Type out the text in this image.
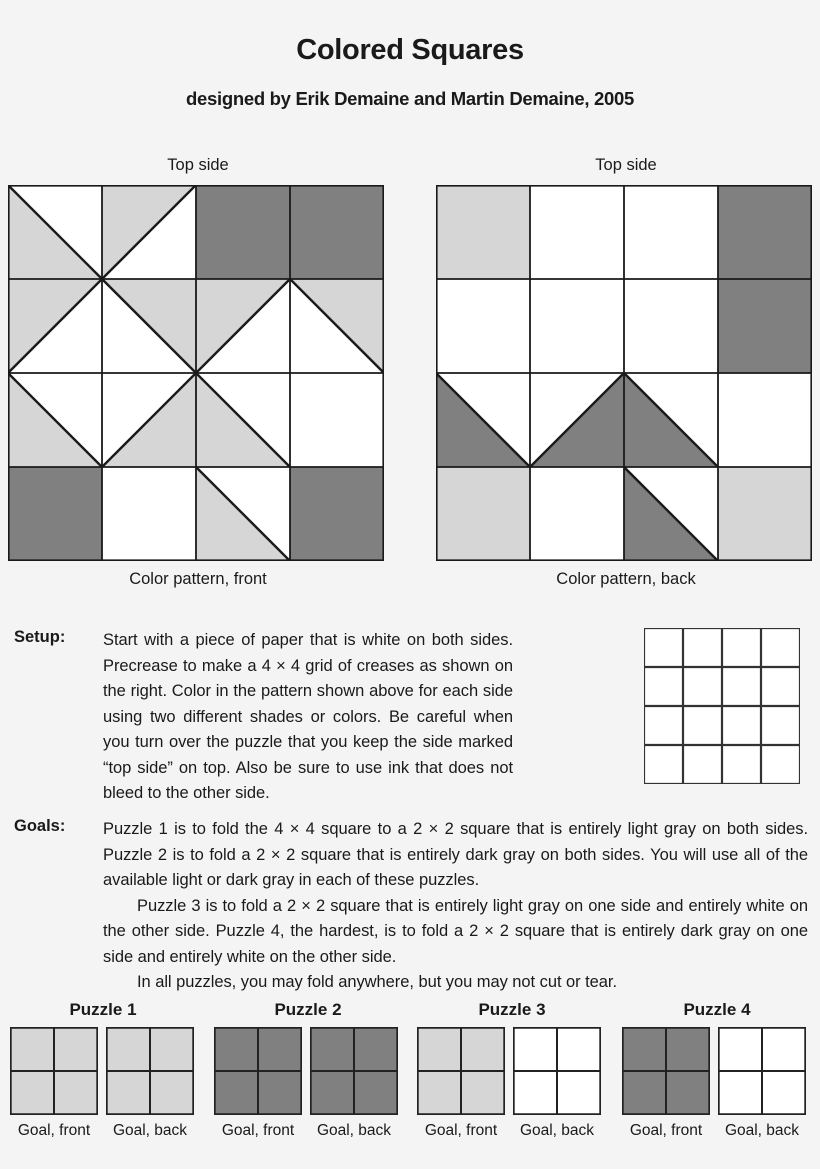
Colored Squares
designed by Erik Demaine and Martin Demaine, 2005
Top side
Color pattern, front
Top side
Color pattern, back
Setup: Start with a piece of paper that is white on both sides. Precrease to make a 4 × 4 grid of creases as shown on the right. Color in the pattern shown above for each side using two different shades or colors. Be careful when you turn over the puzzle that you keep the side marked “top side” on top. Also be sure to use ink that does not bleed to the other side.
Goals: Puzzle 1 is to fold the 4 × 4 square to a 2 × 2 square that is entirely light gray on both sides. Puzzle 2 is to fold a 2 × 2 square that is entirely dark gray on both sides. You will use all of the available light or dark gray in each of these puzzles.

Puzzle 3 is to fold a 2 × 2 square that is entirely light gray on one side and entirely white on the other side. Puzzle 4, the hardest, is to fold a 2 × 2 square that is entirely dark gray on one side and entirely white on the other side.

In all puzzles, you may fold anywhere, but you may not cut or tear.

Puzzle 1	Puzzle 2	Puzzle 3	Puzzle 4
Goal, front	Goal, back	Goal, front	Goal, back	Goal, front	Goal, back	Goal, front	Goal, back
